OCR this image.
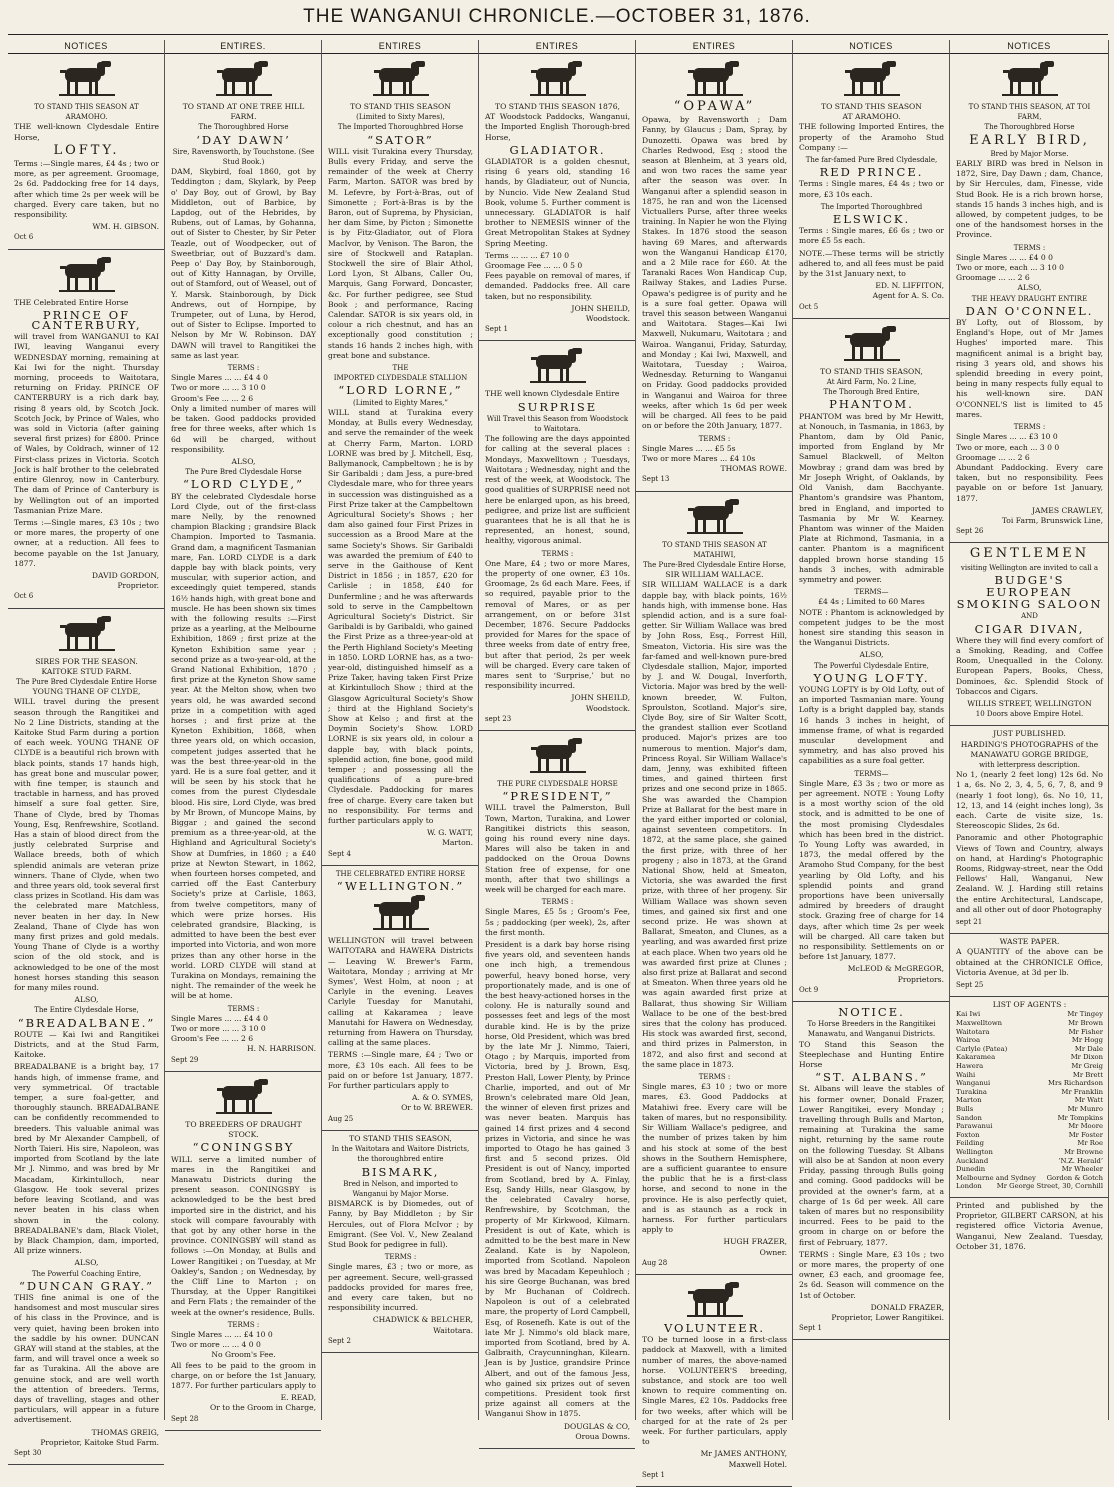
THE WANGANUI CHRONICLE.—OCTOBER 31, 1876.
NOTICES
TO STAND THIS SEASON AT ARAMOHO.

THE well-known Clydesdale Entire Horse,

LOFTY.

Terms :—Single mares, £4 4s ; two or more, as per agreement. Groomage, 2s 6d. Paddocking free for 14 days, after which time 2s per week will be charged. Every care taken, but no responsibility.

WM. H. GIBSON.
Oct 6

THE Celebrated Entire Horse

PRINCE OF CANTERBURY,

will travel from WANGANUI to KAI IWI, leaving Wanganui every WEDNESDAY morning, remaining at Kai Iwi for the night. Thursday morning, proceeds to Waitotara, returning on Friday. PRINCE OF CANTERBURY is a rich dark bay, rising 8 years old, by Scotch Jock. Scotch Jock, by Prince of Wales, who was sold in Victoria (after gaining several first prizes) for £800. Prince of Wales, by Coldrach, winner of 12 First-class prizes in Victoria. Scotch Jock is half brother to the celebrated entire Glenroy, now in Canterbury. The dam of Prince of Canterbury is by Wellington out of an imported Tasmanian Prize Mare.

Terms :—Single mares, £3 10s ; two or more mares, the property of one owner, at a reduction. All fees to become payable on the 1st January, 1877.

DAVID GORDON,
Proprietor.
Oct 6
SIRES FOR THE SEASON.
KAITOKE STUD FARM.
The Pure Bred Clydesdale Entire Horse
YOUNG THANE OF CLYDE,

WILL travel during the present season through the Rangitikei and No 2 Line Districts, standing at the Kaitoke Stud Farm during a portion of each week. YOUNG THANE OF CLYDE is a beautiful rich brown with black points, stands 17 hands high, has great bone and muscular power, with fine temper, is staunch and tractable in harness, and has proved himself a sure foal getter. Sire, Thane of Clyde, bred by Thomas Young, Esq, Renfrewshire, Scotland. Has a stain of blood direct from the justly celebrated Surprise and Wallace breeds, both of which splendid animals are veteran prize winners. Thane of Clyde, when two and three years old, took several first class prizes in Scotland. His dam was the celebrated mare Matchless, never beaten in her day. In New Zealand, Thane of Clyde has won many first prizes and gold medals. Young Thane of Clyde is a worthy scion of the old stock, and is acknowledged to be one of the most honest horses standing this season for many miles round.

ALSO,
The Entire Clydesdale Horse,
“BREADALBANE.”

ROUTE — Kai Iwi and Rangitikei Districts, and at the Stud Farm, Kaitoke.

BREADALBANE is a bright bay, 17 hands high, of immense frame, and very symmetrical. Of tractable temper, a sure foal-getter, and thoroughly staunch. BREADALBANE can be confidently recommended to breeders. This valuable animal was bred by Mr Alexander Campbell, of North Taieri. His sire, Napoleon, was imported from Scotland by the late Mr J. Nimmo, and was bred by Mr Macadam, Kirkintulloch, near Glasgow. He took several prizes before leaving Scotland, and was never beaten in his class when shown in the colony. BREADALBANE's dam, Black Violet, by Black Champion, dam, imported, All prize winners.

ALSO,
The Powerful Coaching Entire,
“DUNCAN GRAY.”

THIS fine animal is one of the handsomest and most muscular sires of his class in the Province, and is very quiet, having been broken into the saddle by his owner. DUNCAN GRAY will stand at the stables, at the farm, and will travel once a week so far as Turakina. All the above are genuine stock, and are well worth the attention of breeders. Terms, days of travelling, stages and other particulars, will appear in a future advertisement.

THOMAS GREIG,
Proprietor, Kaitoke Stud Farm.
Sept 30
ENTIRES.
TO STAND AT ONE TREE HILL FARM.
The Thoroughbred Horse
‘DAY DAWN’
Sire, Ravensworth, by Touchstone. (See Stud Book.)

DAM, Skybird, foal 1860, got by Teddington ; dam, Skylark, by Peep o' Day Boy, out of Growl, by Bay Middleton, out of Barbice, by Lapdog, out of the Hebrides, by Rubens, out of Lamas, by Gohanna, out of Sister to Chester, by Sir Peter Teazle, out of Woodpecker, out of Sweetbriar, out of Buzzard's dam. Peep o' Day Boy, by Stainborough, out of Kitty Hannagan, by Orville, out of Stamford, out of Weasel, out of Y. Marsk. Stainborough, by Dick Andrews, out of Hornpipe, by Trumpeter, out of Luna, by Herod, out of Sister to Eclipse. Imported to Nelson by Mr W. Robinson. DAY DAWN will travel to Rangitikei the same as last year.

TERMS :
Single Mares ... ... £4 4 0
Two or more ... ... 3 10 0
Groom's Fee ... ... 2 6

Only a limited number of mares will be taken. Good paddocks provided free for three weeks, after which 1s 6d will be charged, without responsibility.

ALSO,
The Pure Bred Clydesdale Horse
“LORD CLYDE,”

BY the celebrated Clydesdale horse Lord Clyde, out of the first-class mare Nelly, by the renowned champion Blacking ; grandsire Black Champion. Imported to Tasmania. Grand dam, a magnificent Tasmanian mare, Fan. LORD CLYDE is a dark dapple bay with black points, very muscular, with superior action, and exceedingly quiet tempered, stands 16½ hands high, with great bone and muscle. He has been shown six times with the following results :—First prize as a yearling, at the Melbourne Exhibition, 1869 ; first prize at the Kyneton Exhibition same year ; second prize as a two-year-old, at the Grand National Exhibition, 1870 ; first prize at the Kyneton Show same year. At the Melton show, when two years old, he was awarded second prize in a competition with aged horses ; and first prize at the Kyneton Exhibition, 1868, when three years old, on which occasion, competent judges asserted that he was the best three-year-old in the yard. He is a sure foal getter, and it will be seen by his stock that he comes from the purest Clydesdale blood. His sire, Lord Clyde, was bred by Mr Brown, of Muncope Mains, by Biggar ; and gained the second premium as a three-year-old, at the Highland and Agricultural Society's Show at Dumfries, in 1860 ; a £40 prize at Newton Stewart, in 1862, when fourteen horses competed, and carried off the East Canterbury Society's prize at Carlisle, 1863, from twelve competitors, many of which were prize horses. His celebrated grandsire, Blacking, is admitted to have been the best ever imported into Victoria, and won more prizes than any other horse in the world. LORD CLYDE will stand at Turakina on Mondays, remaining the night. The remainder of the week he will be at home.

TERMS :
Single Mares ... ... £4 4 0
Two or more ... ... 3 10 0
Groom's Fee ... ... 2 6
H. N. HARRISON.
Sept 29
TO BREEDERS OF DRAUGHT STOCK.
“CONINGSBY

WILL serve a limited number of mares in the Rangitikei and Manawatu Districts during the present season. CONINGSBY is acknowledged to be the best bred imported sire in the district, and his stock will compare favourably with that got by any other horse in the province. CONINGSBY will stand as follows :—On Monday, at Bulls and Lower Rangitikei ; on Tuesday, at Mr Oakley's, Sandon ; on Wednesday, by the Cliff Line to Marton ; on Thursday, at the Upper Rangitikei and Fern Flats ; the remainder of the week at the owner's residence, Bulls.

TERMS :
Single Mares ... ... £4 10 0
Two or more ... ... 4 0 0
No Groom's Fee.

All fees to be paid to the groom in charge, on or before the 1st January, 1877. For further particulars apply to

E. READ,
Or to the Groom in Charge,
Sept 28
ENTIRES
TO STAND THIS SEASON
(Limited to Sixty Mares),
The Imported Thoroughbred Horse
“SATOR”

WILL visit Turakina every Thursday, Bulls every Friday, and serve the remainder of the week at Cherry Farm, Marton. SATOR was bred by M. Lefevre, by Fort-à-Bras, out of Simonette ; Fort-à-Bras is by the Baron, out of Suprema, by Physician, her dam Sime, by Picton ; Simonette is by Fitz-Gladiator, out of Flora MacIvor, by Venison. The Baron, the sire of Stockwell and Rataplan. Stockwell the sire of Blair Athol, Lord Lyon, St Albans, Caller Ou, Marquis, Gang Forward, Doncaster, &c. For further pedigree, see Stud Book ; and performance, Racing Calendar. SATOR is six years old, in colour a rich chestnut, and has an exceptionally good constitution ; stands 16 hands 2 inches high, with great bone and substance.

THE
IMPORTED CLYDESDALE STALLION
“LORD LORNE,”
(Limited to Eighty Mares,”

WILL stand at Turakina every Monday, at Bulls every Wednesday, and serve the remainder of the week at Cherry Farm, Marton. LORD LORNE was bred by J. Mitchell, Esq, Ballymanock, Campbeltown ; he is by Sir Garibaldi ; dam Jess, a pure-bred Clydesdale mare, who for three years in succession was distinguished as a First Prize taker at the Campbeltown Agricultural Society's Shows ; her dam also gained four First Prizes in succession as a Brood Mare at the same Society's Shows. Sir Garibaldi was awarded the premium of £40 to serve in the Gaithouse of Kent District in 1856 ; in 1857, £20 for Carlisle ; in 1858, £40 for Dunfermline ; and he was afterwards sold to serve in the Campbeltown Agricultural Society's District. Sir Garibaldi is by Garibaldi, who gained the First Prize as a three-year-old at the Perth Highland Society's Meeting in 1850. LORD LORNE has, as a two-year-old, distinguished himself as a Prize Taker, having taken First Prize at Kirkintulloch Show ; third at the Glasgow Agricultural Society's Show ; third at the Highland Society's Show at Kelso ; and first at the Doymin Society's Show. LORD LORNE is six years old, in colour a dapple bay, with black points, splendid action, fine bone, good mild temper ; and possessing all the qualifications of a pure-bred Clydesdale. Paddocking for mares free of charge. Every care taken but no responsibility. For terms and further particulars apply to

W. G. WATT,
Marton.
Sept 4
THE CELEBRATED ENTIRE HORSE
“WELLINGTON.”

WELLINGTON will travel between WAITOTARA and HAWERA Districts— Leaving W. Brewer's Farm, Waitotara, Monday ; arriving at Mr Symes', West Holm, at noon ; at Carlyle in the evening. Leaves Carlyle Tuesday for Manutahi, calling at Kakaramea ; leave Manutahi for Hawera on Wednesday, returning from Hawera on Thursday, calling at the same places.

TERMS :—Single mare, £4 ; Two or more, £3 10s each. All fees to be paid on or before 1st January, 1877. For further particulars apply to

A. & O. SYMES,
Or to W. BREWER.
Aug 25
TO STAND THIS SEASON,
In the Waitotara and Waitore Districts, the thoroughbred entire
BISMARK,
Bred in Nelson, and imported to Wanganui by Major Morse.

BISMARCK is by Diomedes, out of Fanny, by Bay Middleton ; by Sir Hercules, out of Flora McIvor ; by Emigrant. (See Vol. V., New Zealand Stud Book for pedigree in full).

TERMS :

Single mares, £3 ; two or more, as per agreement. Secure, well-grassed paddocks provided for mares free, and every care taken, but no responsibility incurred.

CHADWICK & BELCHER,
Waitotara.
Sept 2
ENTIRES
TO STAND THIS SEASON 1876,

AT Woodstock Paddocks, Wanganui, the Imported English Thorough-bred Horse,

GLADIATOR.

GLADIATOR is a golden chesnut, rising 6 years old, standing 16 hands, by Gladiateur, out of Nuncia, by Nuncio. Vide New Zealand Stud Book, volume 5. Further comment is unnecessary. GLADIATOR is half brother to NEMESIS winner of the Great Metropolitan Stakes at Sydney Spring Meeting.

Terms ... ... ... £7 10 0
Groomage Fee ... ... 0 5 0

Fees payable on removal of mares, if demanded. Paddocks free. All care taken, but no responsibility.

JOHN SHEILD,
Woodstock.
Sept 1

THE well known Clydesdale Entire

SURPRISE
Will Travel this Season from Woodstock to Waitotara.

The following are the days appointed for calling at the several places : Mondays, Maxwelltown ; Tuesdays, Waitotara ; Wednesday, night and the rest of the week, at Woodstock. The good qualities of SURPRISE need not here be enlarged upon, as his breed, pedigree, and prize list are sufficient guarantees that he is all that he is represented, an honest, sound, healthy, vigorous animal.

TERMS :

One Mare, £4 ; two or more Mares, the property of one owner, £3 10s. Groomage, 2s 6d each Mare. Fees, if so required, payable prior to the removal of Mares, or as per arrangement, on or before 31st December, 1876. Secure Paddocks provided for Mares for the space of three weeks from date of entry free, but after that period, 2s per week will be charged. Every care taken of mares sent to ‘Surprise,’ but no responsibility incurred.

JOHN SHEILD,
Woodstock.
sept 23
THE PURE CLYDESDALE HORSE
“PRESIDENT,”

WILL travel the Palmerston, Bull Town, Marton, Turakina, and Lower Rangitikei districts this season, going his round every nine days. Mares will also be taken in and paddocked on the Oroua Downs Station free of expense, for one month, after that two shillings a week will be charged for each mare.

TERMS :

Single Mares, £5 5s ; Groom's Fee, 5s ; paddocking (per week), 2s, after the first month.

President is a dark bay horse rising five years old, and seventeen hands one inch high, a tremendous powerful, heavy boned horse, very proportionately made, and is one of the best heavy-actioned horses in the colony. He is naturally sound and possesses feet and legs of the most durable kind. He is by the prize horse, Old President, which was bred by the late Mr J. Nimmo, Taieri, Otago ; by Marquis, imported from Victoria, bred by J. Brown, Esq, Preston Hall, Lower Plenty, by Prince Charlie, imported, and out of Mr Brown's celebrated mare Old Jean, the winner of eleven first prizes and was never beaten. Marquis has gained 14 first prizes and 4 second prizes in Victoria, and since he was imported to Otago he has gained 3 first and 5 second prizes. Old President is out of Nancy, imported from Scotland, bred by A. Finlay, Esq, Sandy Hills, near Glasgow, by the celebrated Cavalry horse, Renfrewshire, by Scotchman, the property of Mr Kirkwood, Kilmarn. President is out of Kate, which is admitted to be the best mare in New Zealand. Kate is by Napoleon, imported from Scotland. Napoleon was bred by Macadam Kepeuhloch ; his sire George Buchanan, was bred by Mr Buchanan of Coldrech. Napoleon is out of a celebrated mare, the property of Lord Campbell, Esq, of Rosenefh. Kate is out of the late Mr J. Nimmo's old black mare, imported from Scotland, bred by A. Galbraith, Craycunninghan, Kilearn. Jean is by Justice, grandsire Prince Albert, and out of the famous Jess, who gained six prizes out of seven competitions. President took first prize against all comers at the Wanganui Show in 1875.

DOUGLAS & CO,
Oroua Downs.
ENTIRES
“OPAWA”

Opawa, by Ravensworth ; Dam Fanny, by Glaucus ; Dam, Spray, by Dunozetti. Opawa was bred by Charles Redwood, Esq ; stood the season at Blenheim, at 3 years old, and won two races the same year after the season was over. In Wanganui after a splendid season in 1875, he ran and won the Licensed Victuallers Purse, after three weeks training. In Napier he won the Flying Stakes. In 1876 stood the season having 69 Mares, and afterwards won the Wanganui Handicap £170, and a 2 Mile race for £60. At the Taranaki Races Won Handicap Cup, Railway Stakes, and Ladies Purse. Opawa's pedigree is of purity and he is a sure foal getter. Opawa will travel this season between Wanganui and Waitotara. Stages—Kai Iwi Maxwell, Nukumaru, Waitotara ; and Wairoa. Wanganui, Friday, Saturday, and Monday ; Kai Iwi, Maxwell, and Waitotara, Tuesday ; Wairoa, Wednesday. Returning to Wanganui on Friday. Good paddocks provided in Wanganui and Wairoa for three weeks, after which 1s 6d per week will be charged. All fees to be paid on or before the 20th January, 1877.

TERMS :
Single Mares ... ... £5 5s
Two or more Mares ... £4 10s
THOMAS ROWE.
Sept 13
TO STAND THIS SEASON AT MATAHIWI,
The Pure-Bred Clydesdale Entire Horse,
SIR WILLIAM WALLACE.

SIR WILLIAM WALLACE is a dark dapple bay, with black points, 16½ hands high, with immense bone. Has splendid action, and is a sure foal-getter. Sir William Wallace was bred by John Ross, Esq., Forrest Hill, Smeaton, Victoria. His sire was the far-famed and well-known pure-bred Clydesdale stallion, Major, imported by J. and W. Dougal, Inverforth, Victoria. Major was bred by the well-known breeder, W. Fulton, Sproulston, Scotland. Major's sire, Clyde Boy, sire of Sir Walter Scott, the grandest stallion ever Scotland produced. Major's prizes are too numerous to mention. Major's dam, Princess Royal. Sir William Wallace's dam, Jenny, was exhibited fifteen times, and gained thirteen first prizes and one second prize in 1865. She was awarded the Champion Prize at Ballarat for the best mare in the yard either imported or colonial, against seventeen competitors. In 1872, at the same place, she gained the first prize, with three of her progeny ; also in 1873, at the Grand National Show, held at Smeaton, Victoria, she was awarded the first prize, with three of her progeny. Sir William Wallace was shown seven times, and gained six first and one second prize. He was shown at Ballarat, Smeaton, and Clunes, as a yearling, and was awarded first prize at each place. When two years old he was awarded first prize at Clunes ; also first prize at Ballarat and second at Smeaton. When three years old he was again awarded first prize at Ballarat, thus showing Sir William Wallace to be one of the best-bred sires that the colony has produced. His stock was awarded first, second, and third prizes in Palmerston, in 1872, and also first and second at the same place in 1873.

TERMS :

Single mares, £3 10 ; two or more mares, £3. Good Paddocks at Matahiwi free. Every care will be taken of mares, but no responsibility. Sir William Wallace's pedigree, and the number of prizes taken by him and his stock at some of the best shows in the Southern Hemisphere, are a sufficient guarantee to ensure the public that he is a first-class horse, and second to none in the province. He is also perfectly quiet, and is as staunch as a rock in harness. For further particulars apply to

HUGH FRAZER,
Owner.
Aug 28
VOLUNTEER.

TO be turned loose in a first-class paddock at Maxwell, with a limited number of mares, the above-named horse. VOLUNTEER'S breeding, substance, and stock are too well known to require commenting on. Single Mares, £2 10s. Paddocks free for two weeks, after which will be charged for at the rate of 2s per week. For further particulars, apply to

Mr JAMES ANTHONY,
Maxwell Hotel.
Sept 1
NOTICES
TO STAND THIS SEASON
AT ARAMOHO.

THE following Imported Entires, the property of the Aramoho Stud Company :—

The far-famed Pure Bred Clydesdale,
RED PRINCE.

Terms : Single mares, £4 4s ; two or more, £3 10s each.

The Imported Thoroughbred
ELSWICK.

Terms : Single mares, £6 6s ; two or more £5 5s each.

NOTE.—These terms will be strictly adhered to, and all fees must be paid by the 31st January next, to

ED. N. LIFFITON,
Agent for A. S. Co.
Oct 5
TO STAND THIS SEASON,
At Aird Farm, No. 2 Line,
The Thorough Bred Entire,
PHANTOM.

PHANTOM was bred by Mr Hewitt, at Nonouch, in Tasmania, in 1863, by Phantom, dam by Old Panic, imported from England by Mr Samuel Blackwell, of Melton Mowbray ; grand dam was bred by Mr Joseph Wright, of Oaklands, by Old Vanish, dam Bacchyante. Phantom's grandsire was Phantom, bred in England, and imported to Tasmania by Mr W. Kearney. Phantom was winner of the Maiden Plate at Richmond, Tasmania, in a canter. Phantom is a magnificent dappled brown horse standing 15 hands 3 inches, with admirable symmetry and power.

TERMS—
£4 4s ; Limited to 60 Mares

NOTE : Phantom is acknowledged by competent judges to be the most honest sire standing this season in the Wanganui Districts.

ALSO,
The Powerful Clydesdale Entire,
YOUNG LOFTY.

YOUNG LOFTY is by Old Lofty, out of an imported Tasmanian mare. Young Lofty is a bright dappled bay, stands 16 hands 3 inches in height, of immense frame, of what is regarded muscular development and symmetry, and has also proved his capabilities as a sure foal getter.

TERMS—

Single Mare, £3 3s ; two or more as per agreement. NOTE : Young Lofty is a most worthy scion of the old stock, and is admitted to be one of the most promising Clydesdales which has been bred in the district. To Young Lofty was awarded, in 1873, the medal offered by the Aramoho Stud Company, for the best yearling by Old Lofty, and his splendid points and grand proportions have been universally admired by breeders of draught stock. Grazing free of charge for 14 days, after which time 2s per week will be charged. All care taken but no responsibility. Settlements on or before 1st January, 1877.

McLEOD & McGREGOR,
Proprietors.
Oct 9
NOTICE.
To Horse Breeders in the Rangitikei Manawatu, and Wanganui Districts.

TO Stand this Season the Steeplechase and Hunting Entire Horse

“ST. ALBANS.”

St. Albans will leave the stables of his former owner, Donald Frazer, Lower Rangitikei, every Monday ; travelling through Bulls and Marton, remaining at Turakina the same night, returning by the same route on the following Tuesday. St Albans will also be at Sandon at noon every Friday, passing through Bulls going and coming. Good paddocks will be provided at the owner's farm, at a charge of 1s 6d per week. All care taken of mares but no responsibility incurred. Fees to be paid to the groom in charge on or before the first of February, 1877.

TERMS : Single Mare, £3 10s ; two or more mares, the property of one owner, £3 each, and groomage fee, 2s 6d. Season will commence on the 1st of October.

DONALD FRAZER,
Proprietor, Lower Rangitikei.
Sept 1
NOTICES
TO STAND THIS SEASON, AT TOI FARM,
The Thoroughbred Horse
EARLY BIRD,
Bred by Major Morse.

EARLY BIRD was bred in Nelson in 1872, Sire, Day Dawn ; dam, Chance, by Sir Hercules, dam, Finesse, vide Stud Book. He is a rich brown horse, stands 15 hands 3 inches high, and is allowed, by competent judges, to be one of the handsomest horses in the Province.

TERMS :
Single Mares ... ... £4 0 0
Two or more, each ... 3 10 0
Groomage ... ... 2 6
ALSO,
THE HEAVY DRAUGHT ENTIRE
DAN O'CONNEL.

BY Lofty, out of Blossom, by England's Hope, out of Mr James Hughes' imported mare. This magnificent animal is a bright bay, rising 3 years old, and shows his splendid breeding in every point, being in many respects fully equal to his well-known sire. DAN O'CONNEL'S list is limited to 45 mares.

TERMS :
Single Mares ... ... £3 10 0
Two or more, each ... 3 0 0
Groomage ... ... 2 6

Abundant Paddocking. Every care taken, but no responsibility. Fees payable on or before 1st January, 1877.

JAMES CRAWLEY,
Toi Farm, Brunswick Line,
Sept 26
GENTLEMEN
visiting Wellington are invited to call a
BUDGE'S
EUROPEAN
SMOKING SALOON
AND
CIGAR DIVAN,

Where they will find every comfort of a Smoking, Reading, and Coffee Room, Unequalled in the Colony. European Papers, Books, Chess, Dominoes, &c. Splendid Stock of Tobaccos and Cigars.

WILLIS STREET, WELLINGTON
10 Doors above Empire Hotel.
JUST PUBLISHED.
HARDING'S PHOTOGRAPHS of the MANAWATU GORGE BRIDGE,
with letterpress description.

No 1, (nearly 2 feet long) 12s 6d. No 1 a, 6s. No 2, 3, 4, 5, 6, 7, 8, and 9 (nearly 1 foot long), 6s. No 10, 11, 12, 13, and 14 (eight inches long), 3s each. Carte de visite size, 1s. Stereoscopic Slides, 2s 6d.

Panoramic and other Photographic Views of Town and Country, always on hand, at Harding's Photographic Rooms, Ridgway-street, near the Odd Fellows' Hall, Wanganui, New Zealand. W. J. Harding still retains the entire Architectural, Landscape, and all other out of door Photography

sept 21
WASTE PAPER.

A QUANTITY of the above can be obtained at the CHRONICLE Office, Victoria Avenue, at 3d per lb.

Sept 25
LIST OF AGENTS :
Kai Iwi	Mr Tingey
Maxwelltown	Mr Brown
Waitotara	Mr Fisher
Wairoa	Mr Hogg
Carlyle (Patea)	Mr Dale
Kakaramea	Mr Dixon
Hawera	Mr Greig
Waihi	Mr Brett
Wanganui	Mrs Richardson
Turakina	Mr Franklin
Marton	Mr Watt
Bulls	Mr Munro
Sandon	Mr Tompkins
Parawanui	Mr Moore
Foxton	Mr Foster
Feilding	Mr Roe
Wellington	Mr Browne
Auckland	‘N.Z. Herald’
Dunedin	Mr Wheeler
Melbourne and Sydney Gordon & Gotch
London Mr George Street, 30, Cornhill

Printed and published by the Proprietor, GILBERT CARSON, at his registered office Victoria Avenue, Wanganui, New Zealand. Tuesday, October 31, 1876.
